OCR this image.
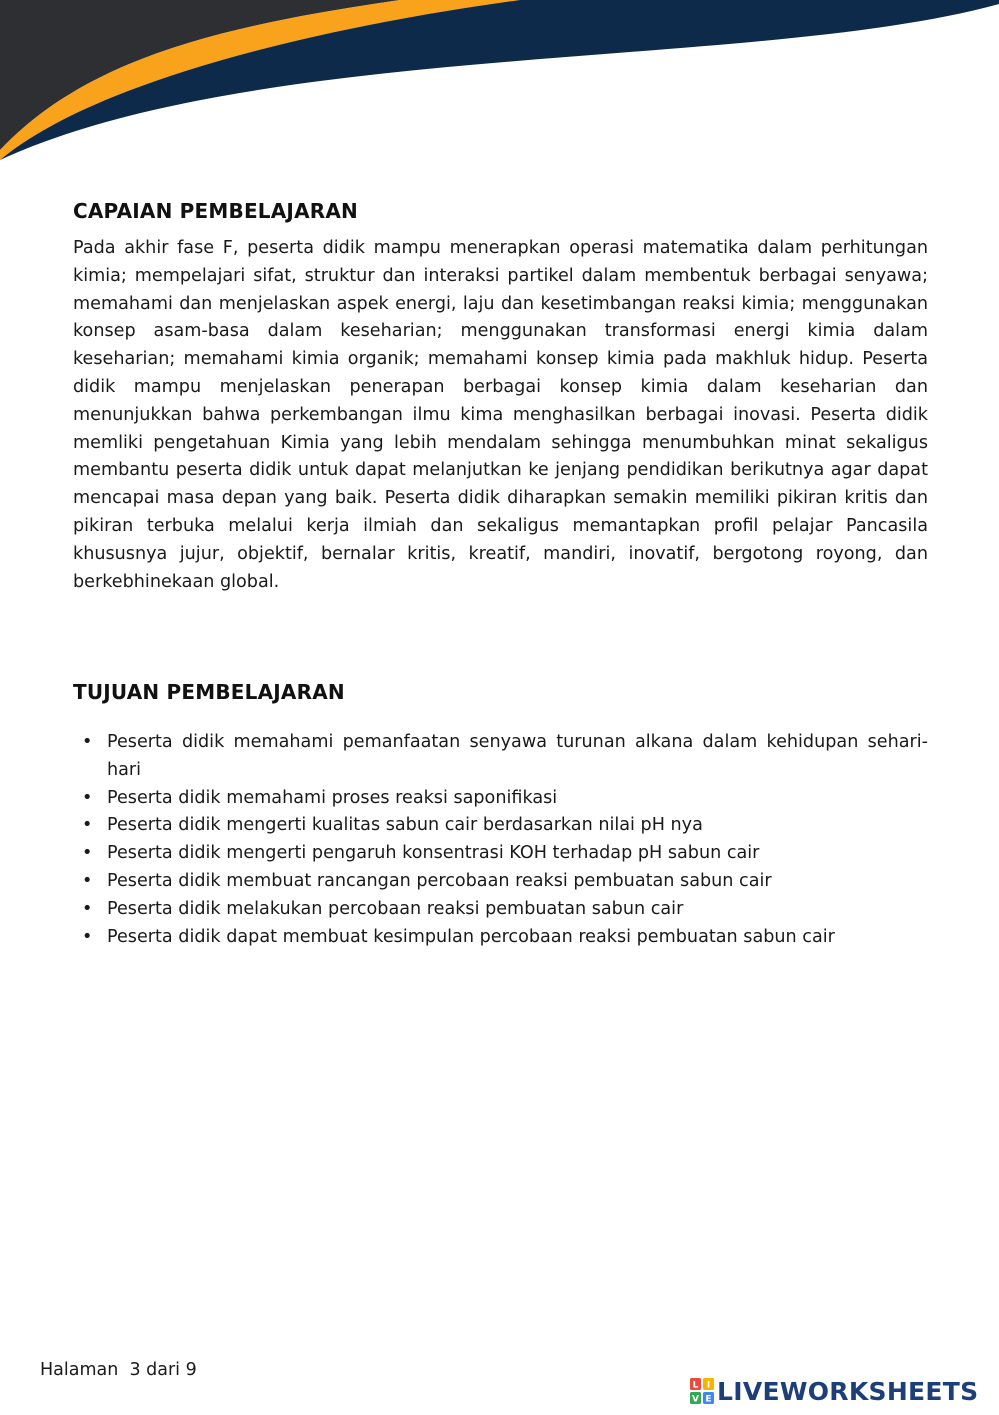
CAPAIAN PEMBELAJARAN

Pada akhir fase F, peserta didik mampu menerapkan operasi matematika dalam perhitungan kimia; mempelajari sifat, struktur dan interaksi partikel dalam membentuk berbagai senyawa; memahami dan menjelaskan aspek energi, laju dan kesetimbangan reaksi kimia; menggunakan konsep asam-basa dalam keseharian; menggunakan transformasi energi kimia dalam keseharian; memahami kimia organik; memahami konsep kimia pada makhluk hidup. Peserta didik mampu menjelaskan penerapan berbagai konsep kimia dalam keseharian dan menunjukkan bahwa perkembangan ilmu kima menghasilkan berbagai inovasi. Peserta didik memliki pengetahuan Kimia yang lebih mendalam sehingga menumbuhkan minat sekaligus membantu peserta didik untuk dapat melanjutkan ke jenjang pendidikan berikutnya agar dapat mencapai masa depan yang baik. Peserta didik diharapkan semakin memiliki pikiran kritis dan pikiran terbuka melalui kerja ilmiah dan sekaligus memantapkan profil pelajar Pancasila khususnya jujur, objektif, bernalar kritis, kreatif, mandiri, inovatif, bergotong royong, dan berkebhinekaan global.

TUJUAN PEMBELAJARAN
• Peserta didik memahami pemanfaatan senyawa turunan alkana dalam kehidupan sehari-hari
• Peserta didik memahami proses reaksi saponifikasi
• Peserta didik mengerti kualitas sabun cair berdasarkan nilai pH nya
• Peserta didik mengerti pengaruh konsentrasi KOH terhadap pH sabun cair
• Peserta didik membuat rancangan percobaan reaksi pembuatan sabun cair
• Peserta didik melakukan percobaan reaksi pembuatan sabun cair
• Peserta didik dapat membuat kesimpulan percobaan reaksi pembuatan sabun cair
Halaman  3 dari 9
L I
V E LIVEWORKSHEETS
